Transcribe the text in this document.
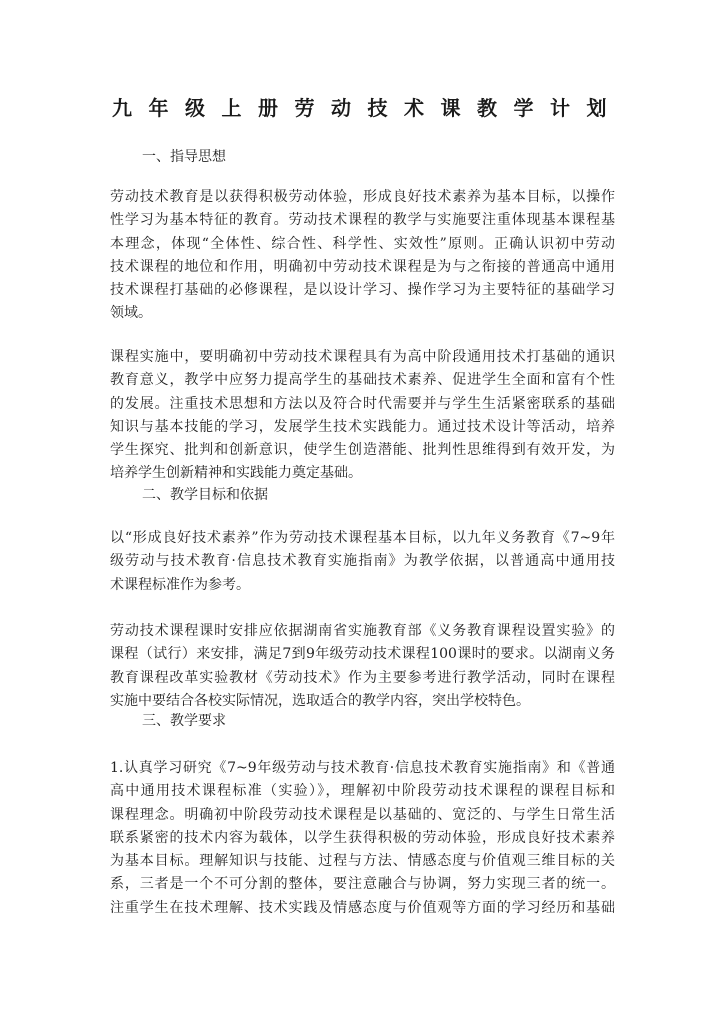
九年级上册劳动技术课教学计划
一、指导思想
劳动技术教育是以获得积极劳动体验，形成良好技术素养为基本目标，以操作
性学习为基本特征的教育。劳动技术课程的教学与实施要注重体现基本课程基
本理念，体现“全体性、综合性、科学性、实效性”原则。正确认识初中劳动
技术课程的地位和作用，明确初中劳动技术课程是为与之衔接的普通高中通用
技术课程打基础的必修课程，是以设计学习、操作学习为主要特征的基础学习
领域。
课程实施中，要明确初中劳动技术课程具有为高中阶段通用技术打基础的通识
教育意义，教学中应努力提高学生的基础技术素养、促进学生全面和富有个性
的发展。注重技术思想和方法以及符合时代需要并与学生生活紧密联系的基础
知识与基本技能的学习，发展学生技术实践能力。通过技术设计等活动，培养
学生探究、批判和创新意识，使学生创造潜能、批判性思维得到有效开发，为
培养学生创新精神和实践能力奠定基础。
二、教学目标和依据
以“形成良好技术素养”作为劳动技术课程基本目标，以九年义务教育《7~9年
级劳动与技术教育·信息技术教育实施指南》为教学依据，以普通高中通用技
术课程标准作为参考。
劳动技术课程课时安排应依据湖南省实施教育部《义务教育课程设置实验》的
课程（试行）来安排，满足7到9年级劳动技术课程100课时的要求。以湖南义务
教育课程改革实验教材《劳动技术》作为主要参考进行教学活动，同时在课程
实施中要结合各校实际情况，选取适合的教学内容，突出学校特色。
三、教学要求
1.认真学习研究《7~9年级劳动与技术教育·信息技术教育实施指南》和《普通
高中通用技术课程标准（实验）》，理解初中阶段劳动技术课程的课程目标和
课程理念。明确初中阶段劳动技术课程是以基础的、宽泛的、与学生日常生活
联系紧密的技术内容为载体，以学生获得积极的劳动体验，形成良好技术素养
为基本目标。理解知识与技能、过程与方法、情感态度与价值观三维目标的关
系，三者是一个不可分割的整体，要注意融合与协调，努力实现三者的统一。
注重学生在技术理解、技术实践及情感态度与价值观等方面的学习经历和基础
